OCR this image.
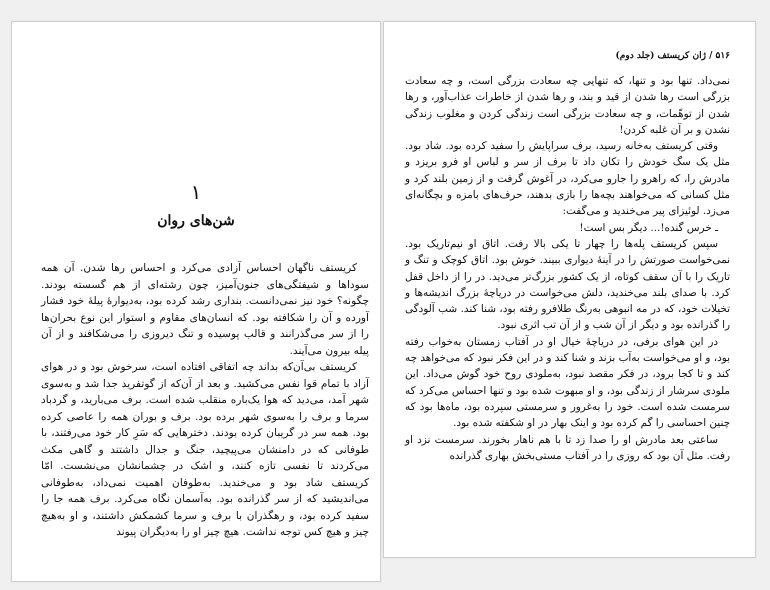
۱
شن‌های روان

کریستف ناگهان احساس آزادی می‌کرد و احساس رها شدن. آن همه سوداها و شیفتگی‌های جنون‌آمیز، چون رشته‌ای از هم گسسته بودند. چگونه؟ خود نیز نمی‌دانست. بنداری رشد کرده بود، به‌دیوارهٔ پیلهٔ خود فشار آورده و آن را شکافته بود. که انسان‌های مقاوم و استوار این نوع بحران‌ها را از سر می‌گذرانند و قالب پوسیده و تنگ دیروزی را می‌شکافند و از آن پیله بیرون می‌آیند.

کریستف بی‌آن‌که بداند چه اتفاقی افتاده است، سرخوش بود و در هوای آزاد با تمام قوا نفس می‌کشید. و بعد از آن‌که از گوتفرید جدا شد و به‌سوی شهر آمد، می‌دید که هوا یک‌باره منقلب شده است. برف می‌بارید، و گردباد سرما و برف را به‌سوی شهر برده بود. برف و بوران همه را عاصی کرده بود. همه سر در گریبان کرده بودند. دخترهایی که سَرِ کار خود می‌رفتند، با طوفانی که در دامنشان می‌پیچید، جنگ و جدال داشتند و گاهی مکث می‌کردند تا نفسی تازه کنند، و اشک در چشمانشان می‌نشست. امّا کریستف شاد بود و می‌خندید. به‌طوفان اهمیت نمی‌داد، به‌طوفانی می‌اندیشید که از سر گذرانده بود. به‌آسمان نگاه می‌کرد. برف همه جا را سفید کرده بود، و رهگذران با برف و سرما کشمکش داشتند، و او به‌هیچ چیز و هیچ کس توجه نداشت. هیچ چیز او را به‌دیگران پیوند

۵۱۶ / ژان کریستف (جلد دوم)

نمی‌داد. تنها بود و تنها، که تنهایی چه سعادت بزرگی است، و چه سعادت بزرگی است رها شدن از قید و بند، و رها شدن از خاطرات عذاب‌آور، و رها شدن از توهّمات، و چه سعادت بزرگی است زندگی کردن و مغلوب زندگی نشدن و بر آن غلبه کردن!

وقتی کریستف به‌خانه رسید، برف سراپایش را سفید کرده بود. شاد بود. مثل یک سگ خودش را تکان داد تا برف از سر و لباس او فرو بریزد و مادرش را، که راهرو را جارو می‌کرد، در آغوش گرفت و از زمین بلند کرد و مثل کسانی که می‌خواهند بچه‌ها را بازی بدهند، حرف‌های بامزه و بچگانه‌ای می‌زد. لوئیزای پیر می‌خندید و می‌گفت:

ـ خرس گنده!... دیگر بس است!

سپس کریستف پله‌ها را چهار تا یکی بالا رفت. اتاق او نیم‌تاریک بود. نمی‌خواست صورتش را در آینهٔ دیواری ببیند. خوش بود. اتاق کوچک و تنگ و تاریک را با آن سقف کوتاه، از یک کشور بزرگ‌تر می‌دید. در را از داخل قفل کرد. با صدای بلند می‌خندید، دلش می‌خواست در دریاچهٔ بزرگ اندیشه‌ها و تخیلات خود، که در مه انبوهی به‌رنگ طلافرو رفته بود، شنا کند. شب آلودگی را گذرانده بود و دیگر از آن شب و از آن تب اثری نبود.

در این هوای برفی، در دریاچهٔ خیال او در آفتاب زمستان به‌خواب رفته بود، و او می‌خواست به‌آب بزند و شنا کند و در این فکر نبود که می‌خواهد چه کند و تا کجا برود، در فکر مقصد نبود، به‌ملودی روح خود گوش می‌داد. این ملودی سرشار از زندگی بود، و او مبهوت شده بود و تنها احساس می‌کرد که سرمست شده است. خود را به‌غرور و سرمستی سپرده بود، ماه‌ها بود که چنین احساسی را گم کرده بود و اینک بهار در او شکفته شده بود.

ساعتی بعد مادرش او را صدا زد تا با هم ناهار بخورند. سرمست نزد او رفت. مثل آن بود که روزی را در آفتاب مستی‌بخش بهاری گذرانده
